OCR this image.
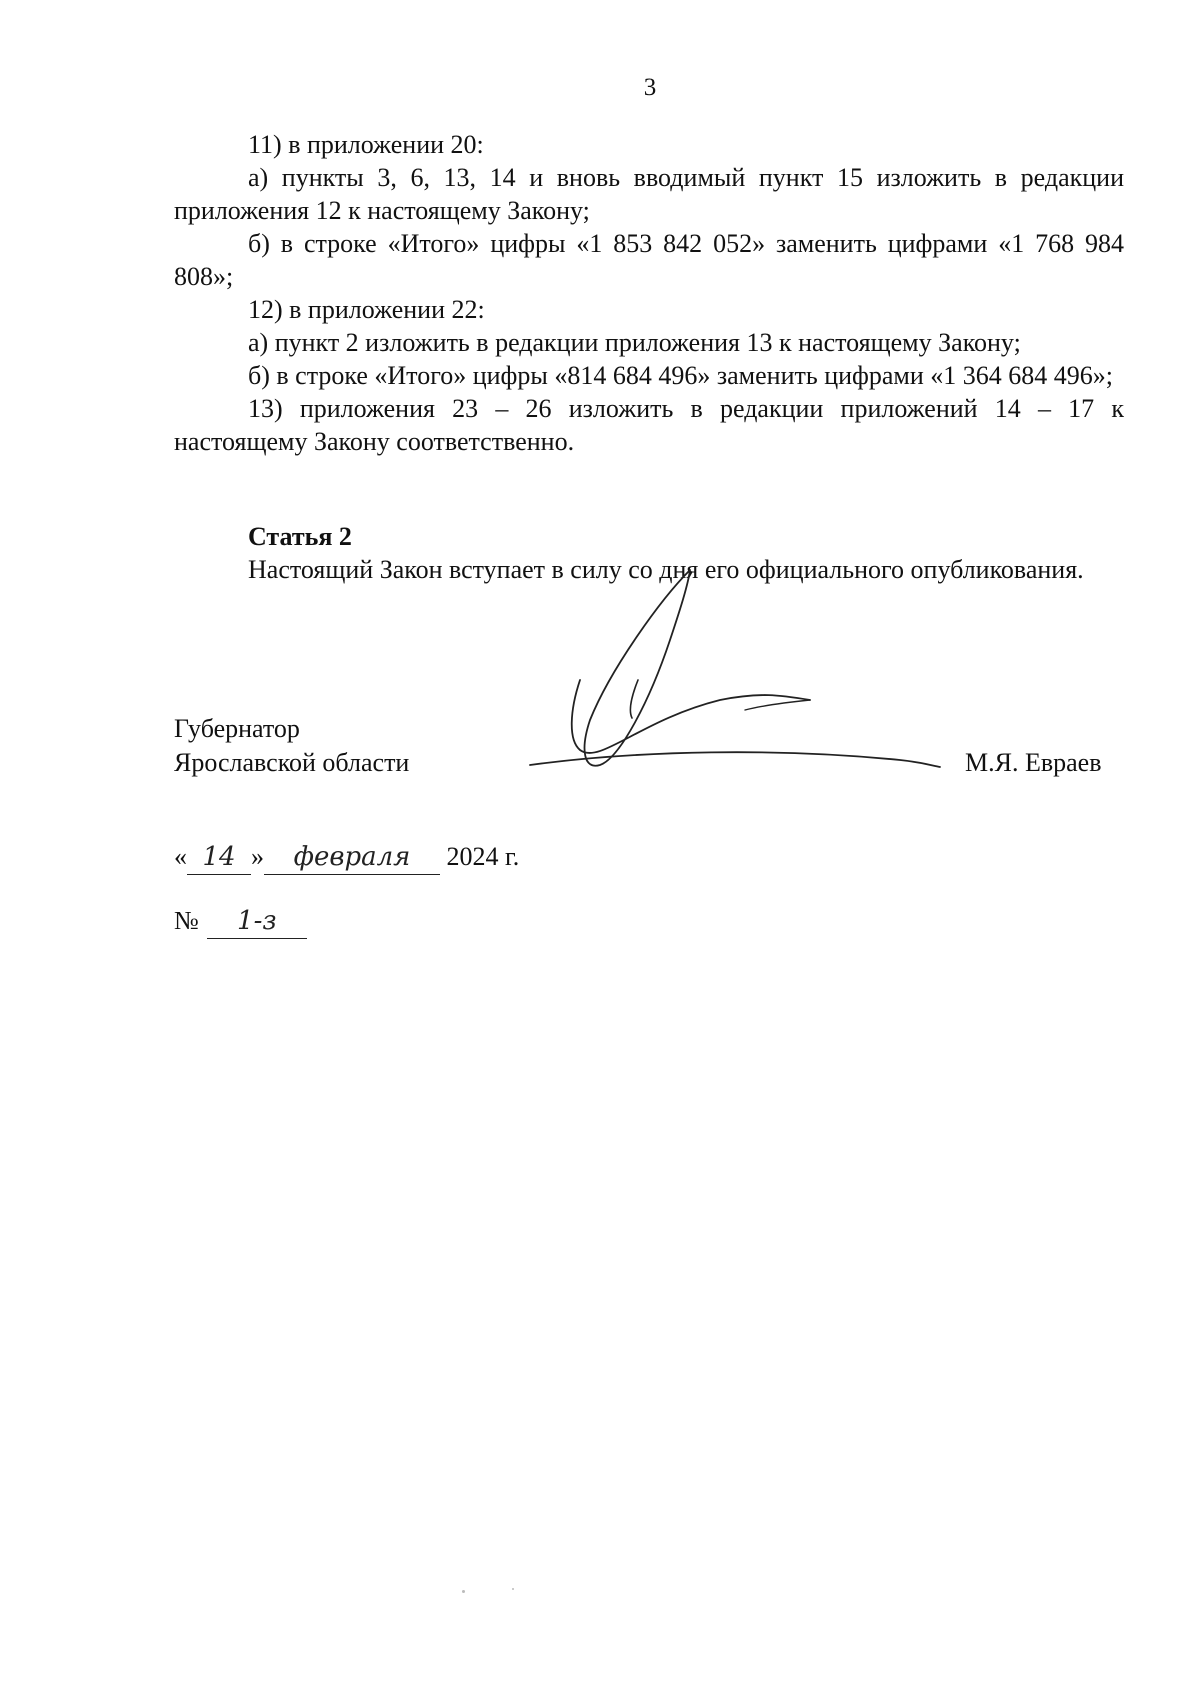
3

11) в приложении 20:

а) пункты 3, 6, 13, 14 и вновь вводимый пункт 15 изложить в редакции приложения 12 к настоящему Закону;

б) в строке «Итого» цифры «1 853 842 052» заменить цифрами «1 768 984 808»;

12) в приложении 22:

а) пункт 2 изложить в редакции приложения 13 к настоящему Закону;

б) в строке «Итого» цифры «814 684 496» заменить цифрами «1 364 684 496»;

13) приложения 23 – 26 изложить в редакции приложений 14 – 17 к настоящему Закону соответственно.

Статья 2

Настоящий Закон вступает в силу со дня его официального опубликования.

Губернатор
Ярославской области	М.Я. Евраев
« 14 » февраля 2024 г.
№ 1-з
